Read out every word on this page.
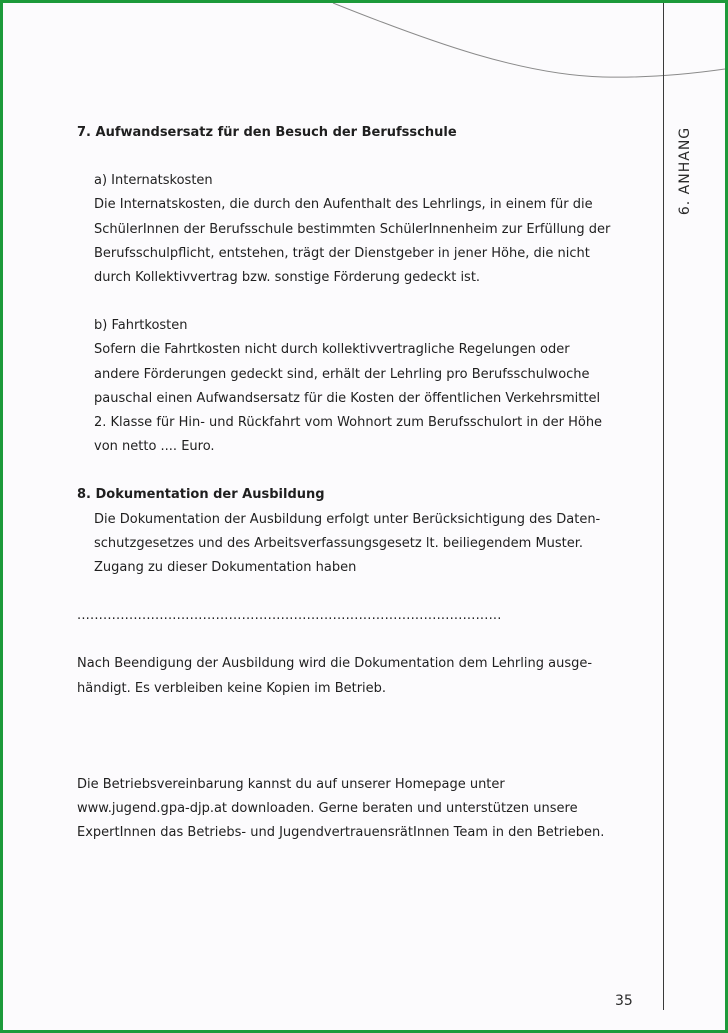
6. ANHANG

7. Aufwandsersatz für den Besuch der Berufsschule

a) Internatskosten

Die Internatskosten, die durch den Aufenthalt des Lehrlings, in einem für die

SchülerInnen der Berufsschule bestimmten SchülerInnenheim zur Erfüllung der

Berufsschulpflicht, entstehen, trägt der Dienstgeber in jener Höhe, die nicht

durch Kollektivvertrag bzw. sonstige Förderung gedeckt ist.

b) Fahrtkosten

Sofern die Fahrtkosten nicht durch kollektivvertragliche Regelungen oder

andere Förderungen gedeckt sind, erhält der Lehrling pro Berufsschulwoche

pauschal einen Aufwandsersatz für die Kosten der öffentlichen Verkehrsmittel

2. Klasse für Hin- und Rückfahrt vom Wohnort zum Berufsschulort in der Höhe

von netto .... Euro.

8. Dokumentation der Ausbildung

Die Dokumentation der Ausbildung erfolgt unter Berücksichtigung des Daten-

schutzgesetzes und des Arbeitsverfassungsgesetz lt. beiliegendem Muster.

Zugang zu dieser Dokumentation haben

..................................................................................................

Nach Beendigung der Ausbildung wird die Dokumentation dem Lehrling ausge-

händigt. Es verbleiben keine Kopien im Betrieb.

Die Betriebsvereinbarung kannst du auf unserer Homepage unter

www.jugend.gpa-djp.at downloaden. Gerne beraten und unterstützen unsere

ExpertInnen das Betriebs- und JugendvertrauensrätInnen Team in den Betrieben.

35
